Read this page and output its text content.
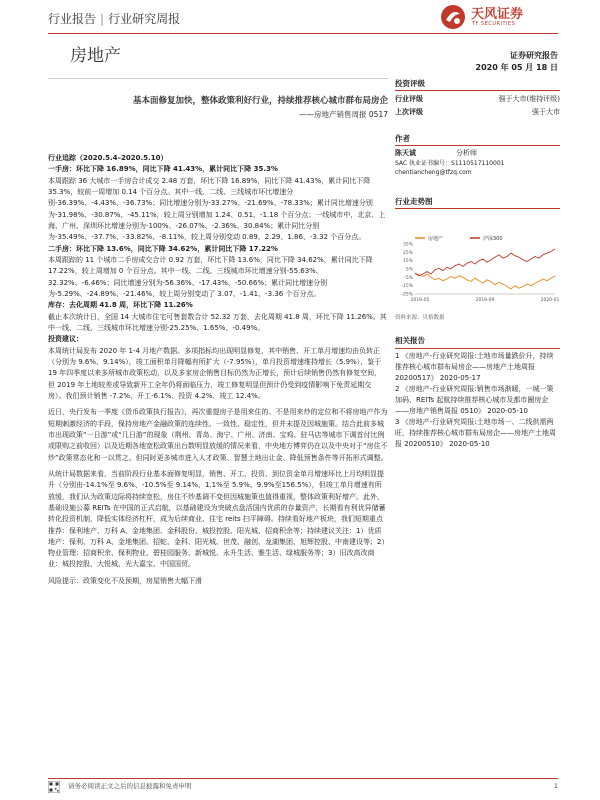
行业报告 | 行业研究周报	天风证券
TF SECURITIES
房地产	证券研究报告
2020 年 05 月 18 日
基本面修复加快，整体政策利好行业，持续推荐核心城市群布局房企
——房地产销售周报 0517

行业追踪（2020.5.4–2020.5.10）

一手房：环比下降 16.89%，同比下降 41.43%，累计同比下降 35.3%

本周跟踪 36 大城市一手房合计成交 2.48 万套，环比下降 16.89%，同比下降 41.43%，累计同比下降 35.3%，较前一周增加 0.14 个百分点。其中一线、二线、三线城市环比增速分别-36.39%、-4.43%、-36.73%；同比增速分别为-33.27%、-21.69%、-78.33%；累计同比增速分别为-31.98%、-30.87%、-45.11%，较上周分别增加 1.24、0.51、-1.18 个百分点；一线城市中，北京、上海、广州、深圳环比增速分别为-100%、-26.07%、-2.36%、30.84%；累计同比分别为-35.49%、-37.7%、-33.82%、-8.11%，较上周分别变动 0.89、2.29、1.86、-3.32 个百分点。

二手房：环比下降 13.6%，同比下降 34.62%，累计同比下降 17.22%

本周跟踪的 11 个城市二手房成交合计 0.92 万套，环比下降 13.6%，同比下降 34.62%，累计同比下降 17.22%，较上周增加 0 个百分点。其中一线、二线、三线城市环比增速分别-55.63%、32.32%、-6.46%；同比增速分别为-56.36%、-17.43%、-50.66%；累计同比增速分别为-5.29%、-24.89%、-21.46%，较上周分别变动了 3.07、-1.41、-3.36 个百分点。

库存：去化周期 41.8 周，环比下降 11.26%

截止本次统计日，全国 14 大城市住宅可售套数合计 52.32 万套，去化周期 41.8 周，环比下降 11.26%。其中一线、二线、三线城市环比增速分别-25.25%、1.65%、-0.49%。

投资建议：

本周统计局发布 2020 年 1-4 月地产数据。多项指标均出现明显修复，其中销售、开工单月增速均由负转正（分别为 9.6%、9.14%），竣工面积单月降幅有所扩大（-7.95%），单月投资增速维持增长（5.9%），鉴于 19 年四季度以来多所城市政策松动，以及多家房企销售目标仍然为正增长，预计后续销售仍然有修复空间，但 2019 年土地较差或导致新开工全年仍将面临压力，竣工修复明显但预计仍受到疫情影响下免责延期交房）。我们预计销售 -7.2%、开工-6.1%、投资 4.2%、竣工 12.4%。

近日，央行发布一季度《货币政策执行报告》，再次重提房子是用来住的、不是用来炒的定位和不将房地产作为短期刺激经济的手段，保持房地产金融政策的连续性、一致性、稳定性，但并未提及因城施策。结合此前多城市出现政策“一日游”或“几日游”的现象（荆州、青岛、海宁、广州、济南、宝鸡、驻马店等城市下调首付比例或限购之前收回）以及近期各地宽松政策出台数明显放缓的情况来看，中央地方博弈仍在以及中央对于“房住不炒”政策常态化和一以贯之。但同时更多城市进入人才政策、智慧土地出让金、降低预售条件等开拓形式调整。

从统计局数据来看，当前阶段行业基本面修复明显，销售、开工、投资、到位资金单月增速环比上月均明显提升（分别由-14.1%至 9.6%、-10.5%至 9.14%、1.1%至 5.9%、9.9%至156.5%），但竣工单月增速有所放缓，我们认为政策边际将持续宽松，房住不炒基调不变但因城施策也值得重视，整体政策利好增产。此外，基础设施公募 REITs 在中国的正式启航，以基础建设为突破点盘活国内优质的存量资产，长期看有利优异储蓄转化投资机制，降低实体经济杠杆，成为后续商业、住宅 reits 扫平障碍。持续看好地产板块，我们短期重点推荐：保利地产、万科 A、金地集团、金科股份、城投控股、阳光城、招商积余等；持续建议关注：1）优质地产：保利、万科 A、金地集团、招蛇、金科、阳光城、世茂、融创、龙湖集团、旭辉控股、中南建设等；2）物业管理：招商积余、保利物业、碧桂园服务、新城悦、永升生活、雅生活、绿城服务等；3）旧改高改商业：城投控股、大悦城、光大嘉宝、中国国贸。

风险提示：政策变化不及预期，房屋销售大幅下滑

投资评级
行业评级	强于大市(维持评级)
上次评级	强于大市
作者
陈天诚	分析师
SAC 执业证书编号：S1110517110001
chentiancheng@tfzq.com
行业走势图
房地产	沪深300
35%
25%
15%
5%
-5%
-15%
-25%
2019-05	2019-09	2020-01
资料来源：贝格数据
相关报告
1 《房地产-行业研究周报:土地市场量跌价升，持续推荐核心城市群布局房企——房地产土地周报 20200517》 2020-05-17
2 《房地产-行业研究周报:销售市场渐暖，一城一策加码、REITs 起航持续推荐核心城市及都市圈房企——房地产销售周报 0510》 2020-05-10
3 《房地产-行业研究周报:土地市场一、二线供需两旺，持续推荐核心城市群布局房企——房地产土地周报 20200510》 2020-05-10
请务必阅读正文之后的信息披露和免责申明	1
